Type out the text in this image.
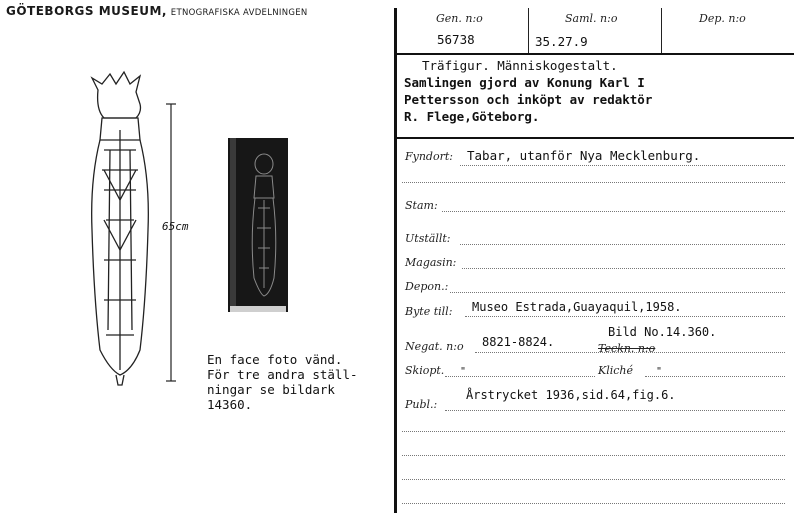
GÖTEBORGS MUSEUM, ETNOGRAFISKA AVDELNINGEN
65cm
En face foto vänd.
För tre andra ställ-
ningar se bildark
14360.
Gen. n:o
56738
Saml. n:o
35.27.9
Dep. n:o
Träfigur. Människogestalt.
Samlingen gjord av Konung Karl I
Pettersson och inköpt av redaktör
R. Flege,Göteborg.
Fyndort: Tabar, utanför Nya Mecklenburg.
Stam:
Utställt:
Magasin:
Depon.:
Byte till: Museo Estrada,Guayaquil,1958.
Bild No.14.360.
Negat. n:o 8821-8824.	Teckn. n:o
Skiopt. "	Kliché "
Publ.:
Årstrycket 1936,sid.64,fig.6.
